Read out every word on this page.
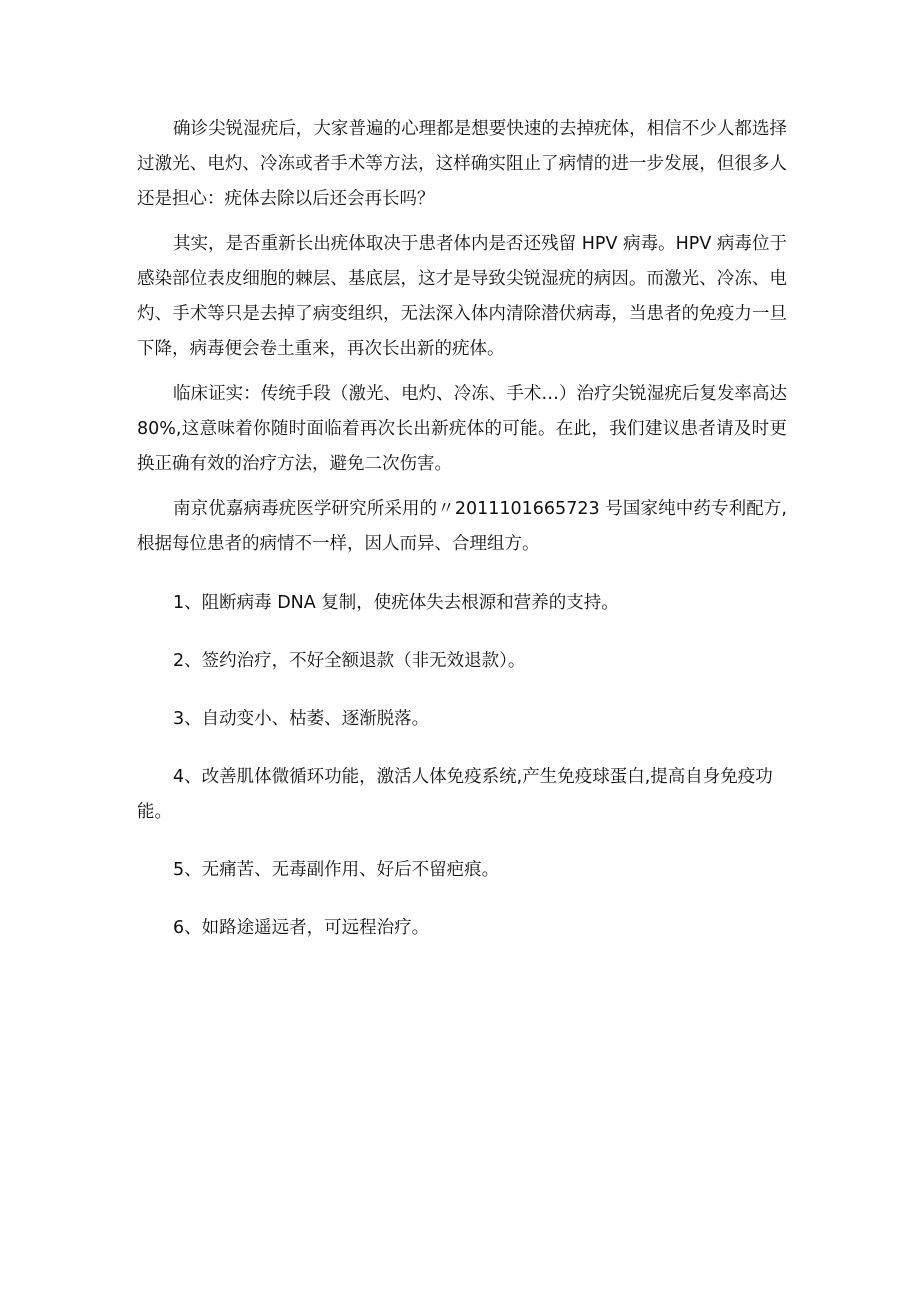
确诊尖锐湿疣后，大家普遍的心理都是想要快速的去掉疣体，相信不少人都选择过激光、电灼、冷冻或者手术等方法，这样确实阻止了病情的进一步发展，但很多人还是担心：疣体去除以后还会再长吗？

其实，是否重新长出疣体取决于患者体内是否还残留 HPV 病毒。HPV 病毒位于感染部位表皮细胞的棘层、基底层，这才是导致尖锐湿疣的病因。而激光、冷冻、电灼、手术等只是去掉了病变组织，无法深入体内清除潜伏病毒，当患者的免疫力一旦下降，病毒便会卷土重来，再次长出新的疣体。

临床证实：传统手段（激光、电灼、冷冻、手术…）治疗尖锐湿疣后复发率高达 80%,这意味着你随时面临着再次长出新疣体的可能。在此，我们建议患者请及时更换正确有效的治疗方法，避免二次伤害。

南京优嘉病毒疣医学研究所采用的〃2011101665723 号国家纯中药专利配方,根据每位患者的病情不一样，因人而异、合理组方。

1、阻断病毒 DNA 复制，使疣体失去根源和营养的支持。

2、签约治疗，不好全额退款（非无效退款）。

3、自动变小、枯萎、逐渐脱落。

4、改善肌体微循环功能，激活人体免疫系统,产生免疫球蛋白,提高自身免疫功能。

5、无痛苦、无毒副作用、好后不留疤痕。

6、如路途遥远者，可远程治疗。
